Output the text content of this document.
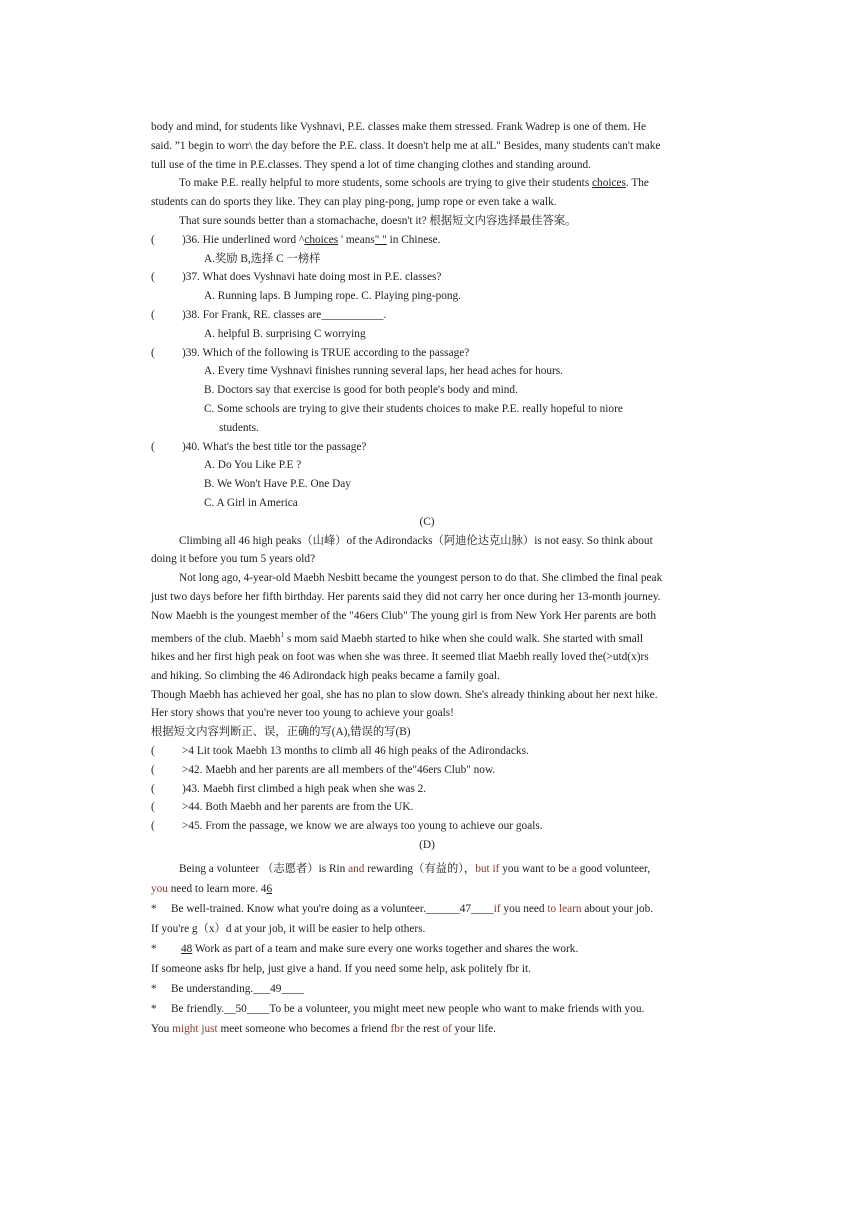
body and mind, for students like Vyshnavi, P.E. classes make them stressed. Frank Wadrep is one of them. He

said. ”1 begin to worr\ the day before the P.E. class. It doesn't help me at alL" Besides, many students can't make

tull use of the time in P.E.classes. They spend a lot of time changing clothes and standing around.

To make P.E. really helpful to more students, some schools are trying to give their students choices. The

students can do sports they like. They can play ping-pong, jump rope or even take a walk.

That sure sounds better than a stomachache, doesn't it? 根据短文内容选择最佳答案。

(	)36. Hie underlined word ^choices ' means" " in Chinese.

A.奖励 B,选择 C 一榜样

(	)37. What does Vyshnavi hate doing most in P.E. classes?

A. Running laps. B Jumping rope. C. Playing ping-pong.

(	)38. For Frank, RE. classes are___________.

A. helpful B. surprising C worrying

(	)39. Which of the following is TRUE according to the passage?

A. Every time Vyshnavi finishes running several laps, her head aches for hours.

B. Doctors say that exercise is good for both people's body and mind.

C. Some schools are trying to give their students choices to make P.E. really hopeful to niore

students.

(	)40. What's the best title tor the passage?

A. Do You Like P.E ?

B. We Won't Have P.E. One Day

C. A Girl in America

(C)

Climbing all 46 high peaks（山峰）of the Adirondacks（阿迪伦达克山脉）is not easy. So think about

doing it before you tum 5 years old?

Not long ago, 4-year-old Maebh Nesbitt became the youngest person to do that. She climbed the final peak

just two days before her fifth birthday. Her parents said they did not carry her once during her 13-month journey.

Now Maebh is the youngest member of the "46ers Club" The young girl is from New York Her parents are both

members of the club. Maebh$^1$ s mom said Maebh started to hike when she could walk. She started with small

hikes and her first high peak on foot was when she was three. It seemed tliat Maebh really loved the(>utd(x)rs

and hiking. So climbing the 46 Adirondack high peaks became a family goal.

Though Maebh has achieved her goal, she has no plan to slow down. She's already thinking about her next hike.

Her story shows that you're never too young to achieve your goals!

根据短文内容判断正、误，正确的写(A),错误的写(B)

(	>4 Lit took Maebh 13 months to climb all 46 high peaks of the Adirondacks.
(	>42. Maebh and her parents are all members of the"46ers Club" now.
(	)43. Maebh first climbed a high peak when she was 2.
(	>44. Both Maebh and her parents are from the UK.
(	>45. From the passage, we know we are always too young to achieve our goals.

(D)

Being a volunteer （志愿者）is Rin and rewarding（有益的），but if you want to be a good volunteer,

you need to learn more. 46

* Be well-trained. Know what you're doing as a volunteer.______47____if you need to learn about your job.

If you're g（x）d at your job, it will be easier to help others.

* 48 Work as part of a team and make sure every one works together and shares the work.

If someone asks fbr help, just give a hand. If you need some help, ask politely fbr it.

* Be understanding.___49____

* Be friendly.__50____To be a volunteer, you might meet new people who want to make friends with you.

You might just meet someone who becomes a friend fbr the rest of your life.
